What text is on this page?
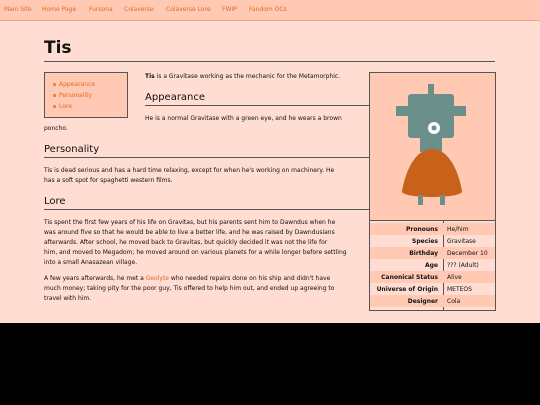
Main Site Home Page Fursona Colaverse Colaverse Lore FWIP Fandom OCs
Tis
Appearance
Personality
Lore
Tis is a Gravitase working as the mechanic for the Metamorphic.
Appearance
He is a normal Gravitase with a green eye, and he wears a brown
poncho.
Personality
Tis is dead serious and has a hard time relaxing, except for when he's working on machinery. He
has a soft spot for spaghetti western films.
Lore
Tis spent the first few years of his life on Gravitas, but his parents sent him to Dawndus when he
was around five so that he would be able to live a better life, and he was raised by Dawndusians
afterwards. After school, he moved back to Gravitas, but quickly decided it was not the life for
him, and moved to Megadom; he moved around on various planets for a while longer before settling
into a small Anasazean village.
A few years afterwards, he met a Geolyte who needed repairs done on his ship and didn't have
much money; taking pity for the poor guy, Tis offered to help him out, and ended up agreeing to
travel with him.
Pronouns He/him
Species Gravitase
Birthday December 10
Age ??? (Adult)
Canonical Status Alive
Universe of Origin METEOS
Designer Cola
